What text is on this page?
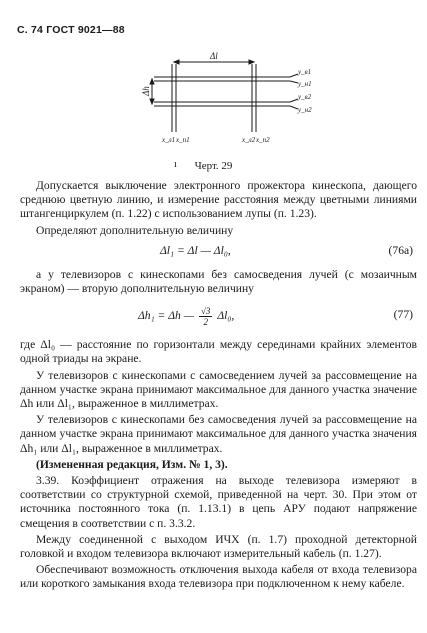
С. 74 ГОСТ 9021—88
Δl
Δh
у_в1
у_н1
у_в2
у_н2
х_л1 х_п1	х_л2 х_п2
ı Черт. 29

Допускается выключение электронного прожектора кинескопа, дающего среднюю цветную линию, и измерение расстояния между цветными линиями штангенциркулем (п. 1.22) с использованием лупы (п. 1.23).

Определяют дополнительную величину

Δl₁ = Δl — Δl₀,	(76а)

а у телевизоров с кинескопами без самосведения лучей (с мозаичным экраном) — вторую дополнительную величину

Δh₁ = Δh — $\frac{√3}{2} \Delta l_0$,	(77)

где Δl₀ — расстояние по горизонтали между серединами крайних элементов одной триады на экране.

У телевизоров с кинескопами с самосведением лучей за рассовмещение на данном участке экрана принимают максимальное для данного участка значение Δh или Δl₁, выраженное в миллиметрах.

У телевизоров с кинескопами без самосведения лучей за рассовмещение на данном участке экрана принимают максимальное для данного участка значения Δh₁ или Δl₁, выраженное в миллиметрах.

(Измененная редакция, Изм. № 1, 3).

3.39. Коэффициент отражения на выходе телевизора измеряют в соответствии со структурной схемой, приведенной на черт. 30. При этом от источника постоянного тока (п. 1.13.1) в цепь АРУ подают напряжение смещения в соответствии с п. 3.3.2.

Между соединенной с выходом ИЧХ (п. 1.7) проходной детекторной головкой и входом телевизора включают измерительный кабель (п. 1.27).

Обеспечивают возможность отключения выхода кабеля от входа телевизора или короткого замыкания входа телевизора при подключенном к нему кабеле.
